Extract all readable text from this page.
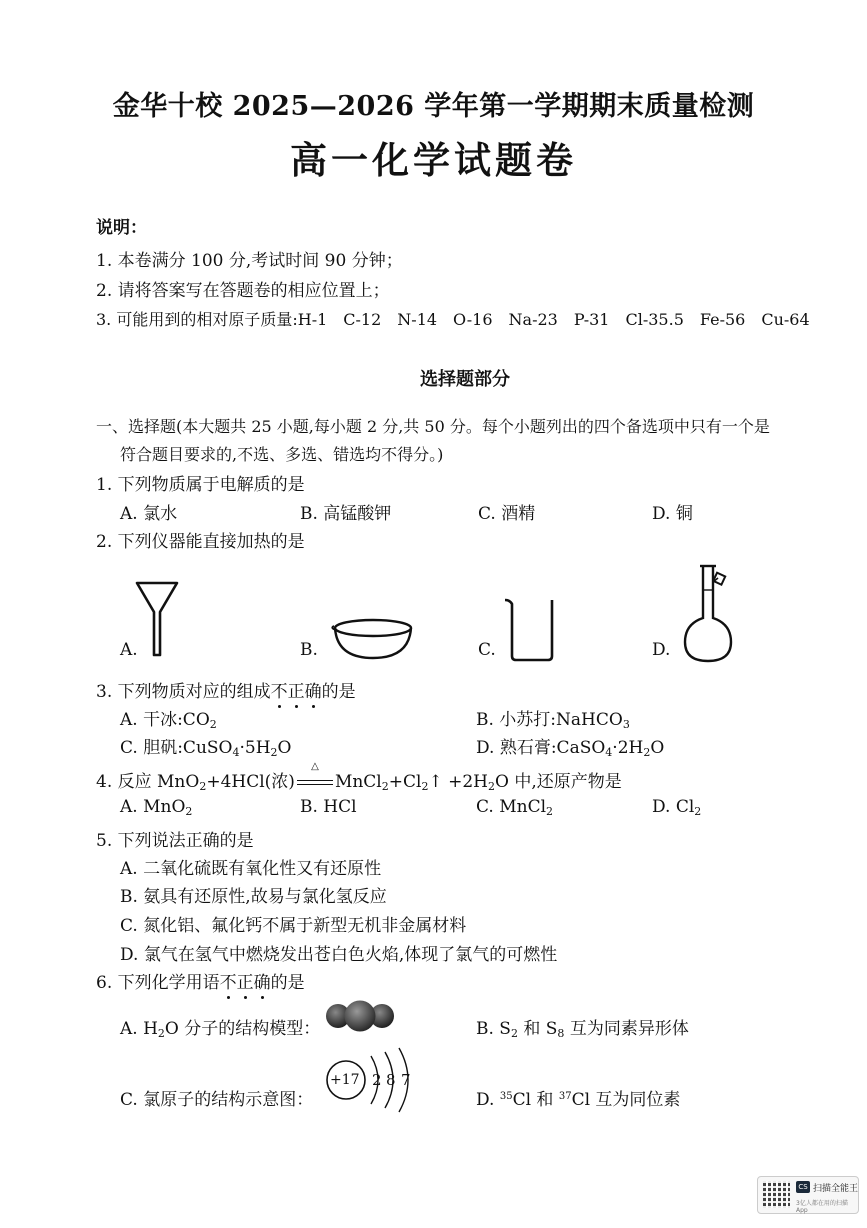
金华十校 2025—2026 学年第一学期期末质量检测
高一化学试题卷
说明：
1. 本卷满分 100 分,考试时间 90 分钟；
2. 请将答案写在答题卷的相应位置上；
3. 可能用到的相对原子质量:H-1　C-12　N-14　O-16　Na-23　P-31　Cl-35.5　Fe-56　Cu-64
选择题部分
一、选择题(本大题共 25 小题,每小题 2 分,共 50 分。每个小题列出的四个备选项中只有一个是
符合题目要求的,不选、多选、错选均不得分。)
1. 下列物质属于电解质的是
A. 氯水	B. 高锰酸钾	C. 酒精	D. 铜
2. 下列仪器能直接加热的是
A.	B.	C.	D.
3. 下列物质对应的组成不正确的是
A. 干冰$:CO_2$	B. 小苏打:NaHCO$_3$
C. 胆矾$:CuSO_4\cdot 5H_2O$	D. 熟石膏$:CaSO_4\cdot 2H_2O$
4. 反应 MnO$_2$+4HCl(浓)
△
$MnCl_2+Cl_2↑ +2H_2O$ 中,还原产物是
A. MnO$_2$	B. HCl	C. MnCl$_2$	D. $Cl_2$
5. 下列说法正确的是
A. 二氧化硫既有氧化性又有还原性
B. 氨具有还原性,故易与氯化氢反应
C. 氮化铝、氟化钙不属于新型无机非金属材料
D. 氯气在氢气中燃烧发出苍白色火焰,体现了氯气的可燃性
6. 下列化学用语不正确的是
A. $H_2O$ 分子的结构模型：	B. $S_2$ 和 $S_8$ 互为同素异形体
C. 氯原子的结构示意图：
+17 2 8 7
D. $^{35}$Cl 和 $^{37}$Cl 互为同位素
CS 扫描全能王
3亿人都在用的扫描App
